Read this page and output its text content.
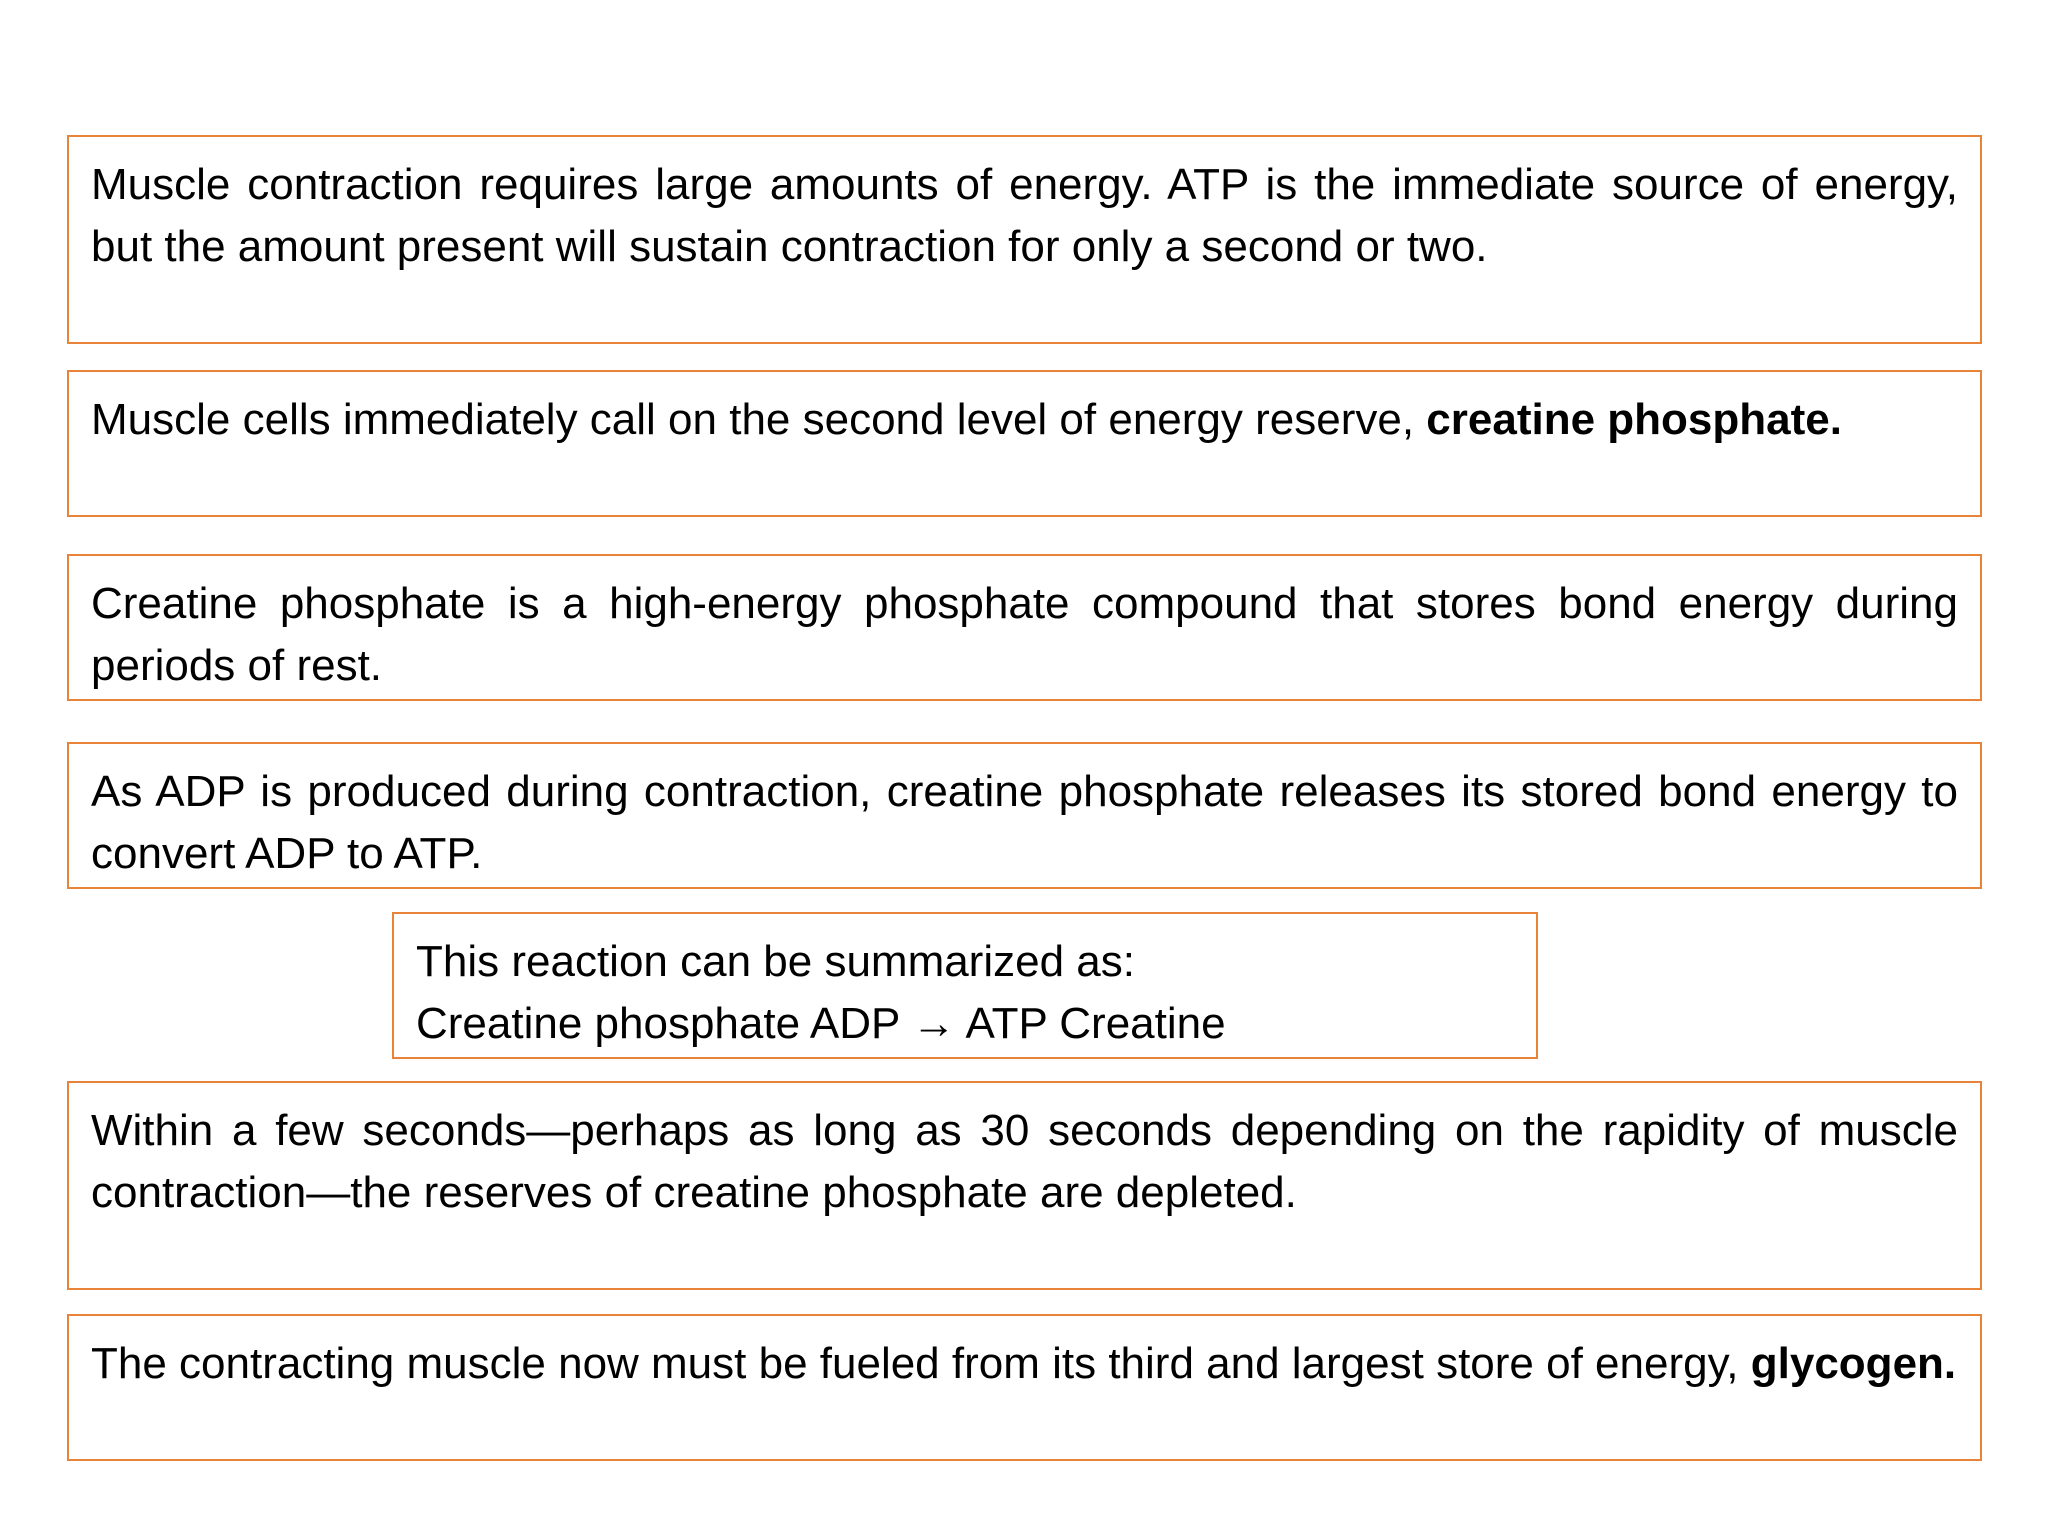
Muscle contraction requires large amounts of energy. ATP is the immediate source of energy, but the amount present will sustain contraction for only a second or two.
Muscle cells immediately call on the second level of energy reserve, creatine phosphate.
Creatine phosphate is a high-energy phosphate compound that stores bond energy during periods of rest.
As ADP is produced during contraction, creatine phosphate releases its stored bond energy to convert ADP to ATP.
This reaction can be summarized as:
Creatine phosphate ADP → ATP Creatine
Within a few seconds—perhaps as long as 30 seconds depending on the rapidity of muscle contraction—the reserves of creatine phosphate are depleted.
The contracting muscle now must be fueled from its third and largest store of energy, glycogen.
